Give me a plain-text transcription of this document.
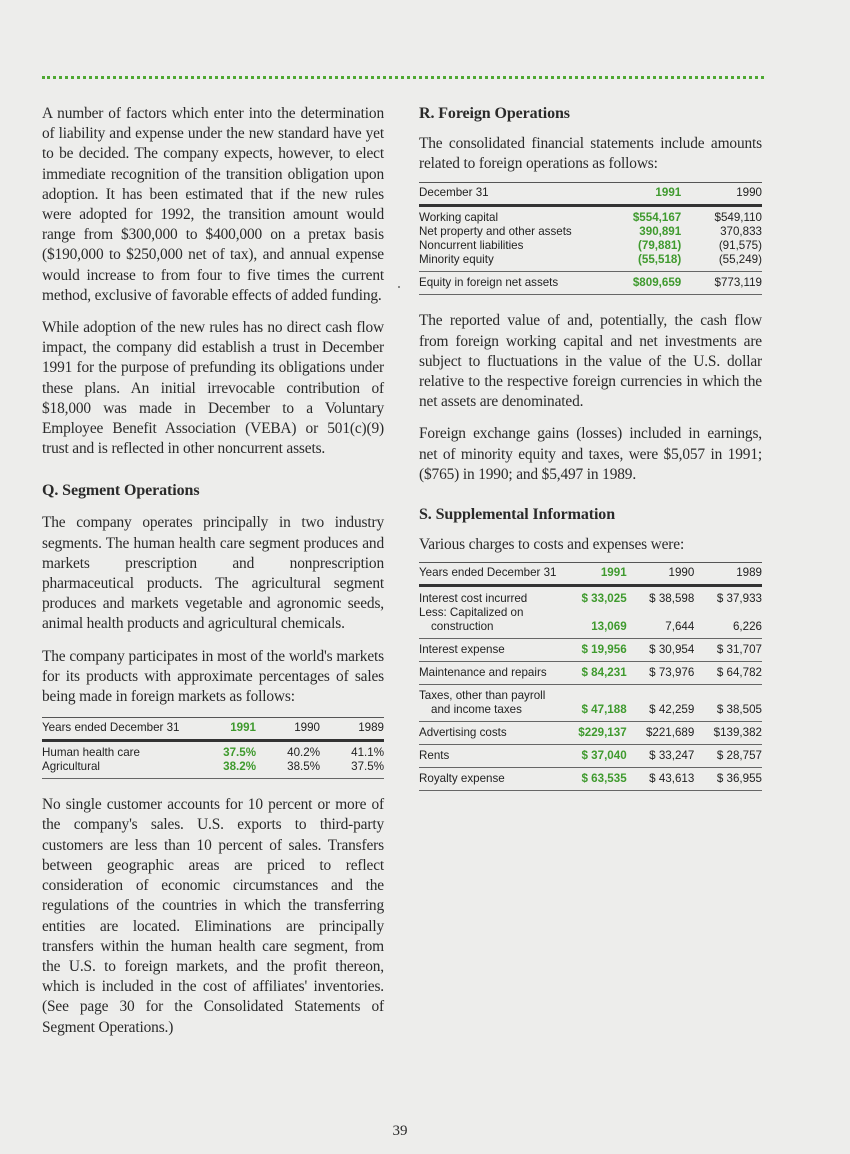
A number of factors which enter into the determination of liability and expense under the new standard have yet to be decided. The company expects, however, to elect immediate recognition of the transition obligation upon adoption. It has been estimated that if the new rules were adopted for 1992, the transition amount would range from $300,000 to $400,000 on a pretax basis ($190,000 to $250,000 net of tax), and annual expense would increase to from four to five times the current method, exclusive of favorable effects of added funding.

While adoption of the new rules has no direct cash flow impact, the company did establish a trust in December 1991 for the purpose of prefunding its obligations under these plans. An initial irrevocable contribution of $18,000 was made in December to a Voluntary Employee Benefit Association (VEBA) or 501(c)(9) trust and is reflected in other noncurrent assets.

Q. Segment Operations

The company operates principally in two industry segments. The human health care segment produces and markets prescription and nonprescription pharmaceutical products. The agricultural segment produces and markets vegetable and agronomic seeds, animal health products and agricultural chemicals.

The company participates in most of the world's markets for its products with approximate percentages of sales being made in foreign markets as follows:

Years ended December 31	1991	1990	1989
Human health care	37.5%	40.2%	41.1%
Agricultural	38.2%	38.5%	37.5%

No single customer accounts for 10 percent or more of the company's sales. U.S. exports to third-party customers are less than 10 percent of sales. Transfers between geographic areas are priced to reflect consideration of economic circumstances and the regulations of the countries in which the transferring entities are located. Eliminations are principally transfers within the human health care segment, from the U.S. to foreign markets, and the profit thereon, which is included in the cost of affiliates' inventories. (See page 30 for the Consolidated Statements of Segment Operations.)

R. Foreign Operations

The consolidated financial statements include amounts related to foreign operations as follows:

December 31	1991	1990
Working capital	$554,167	$549,110
Net property and other assets	390,891	370,833
Noncurrent liabilities	(79,881)	(91,575)
Minority equity	(55,518)	(55,249)
Equity in foreign net assets	$809,659	$773,119

The reported value of and, potentially, the cash flow from foreign working capital and net investments are subject to fluctuations in the value of the U.S. dollar relative to the respective foreign currencies in which the net assets are denominated.

Foreign exchange gains (losses) included in earnings, net of minority equity and taxes, were $5,057 in 1991; ($765) in 1990; and $5,497 in 1989.

S. Supplemental Information

Various charges to costs and expenses were:

Years ended December 31	1991	1990	1989
Interest cost incurred	$ 33,025	$ 38,598	$ 37,933
Less: Capitalized on			
construction	13,069	7,644	6,226
Interest expense	$ 19,956	$ 30,954	$ 31,707
Maintenance and repairs	$ 84,231	$ 73,976	$ 64,782
Taxes, other than payroll			
and income taxes	$ 47,188	$ 42,259	$ 38,505
Advertising costs	$229,137	$221,689	$139,382
Rents	$ 37,040	$ 33,247	$ 28,757
Royalty expense	$ 63,535	$ 43,613	$ 36,955
39
